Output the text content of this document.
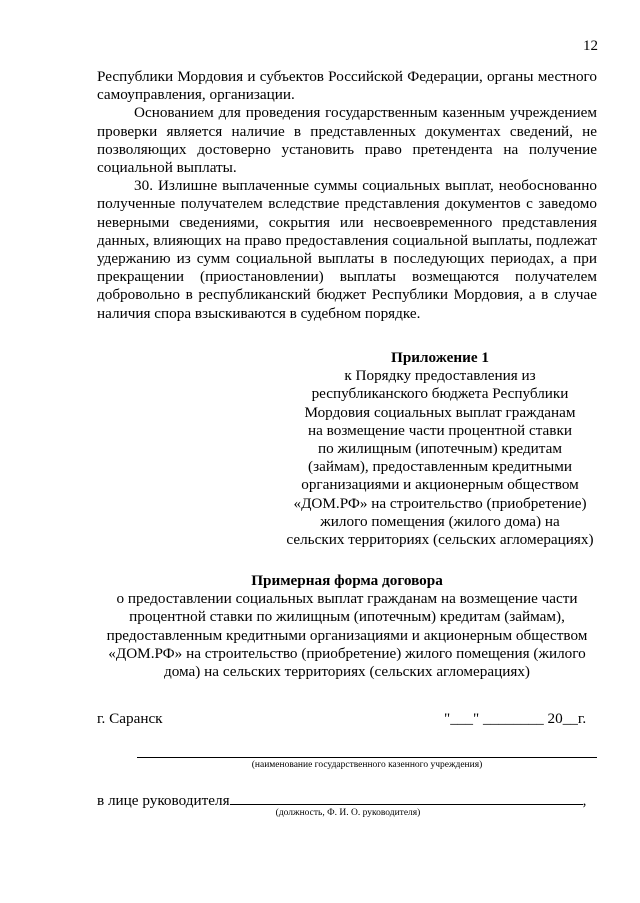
12

Республики Мордовия и субъектов Российской Федерации, органы местного самоуправления, организации.

Основанием для проведения государственным казенным учреждением проверки является наличие в представленных документах сведений, не позволяющих достоверно установить право претендента на получение социальной выплаты.

30. Излишне выплаченные суммы социальных выплат, необоснованно полученные получателем вследствие представления документов с заведомо неверными сведениями, сокрытия или несвоевременного представления данных, влияющих на право предоставления социальной выплаты, подлежат удержанию из сумм социальной выплаты в последующих периодах, а при прекращении (приостановлении) выплаты возмещаются получателем добровольно в республиканский бюджет Республики Мордовия, а в случае наличия спора взыскиваются в судебном порядке.

Приложение 1
к Порядку предоставления из
республиканского бюджета Республики
Мордовия социальных выплат гражданам
на возмещение части процентной ставки
по жилищным (ипотечным) кредитам
(займам), предоставленным кредитными
организациями и акционерным обществом
«ДОМ.РФ» на строительство (приобретение)
жилого помещения (жилого дома) на
сельских территориях (сельских агломерациях)
Примерная форма договора
о предоставлении социальных выплат гражданам на возмещение части
процентной ставки по жилищным (ипотечным) кредитам (займам),
предоставленным кредитными организациями и акционерным обществом
«ДОМ.РФ» на строительство (приобретение) жилого помещения (жилого
дома) на сельских территориях (сельских агломерациях)
г. Саранск	"___" ________ 20__г.
(наименование государственного казенного учреждения)
в лице руководителя	,
(должность, Ф. И. О. руководителя)
